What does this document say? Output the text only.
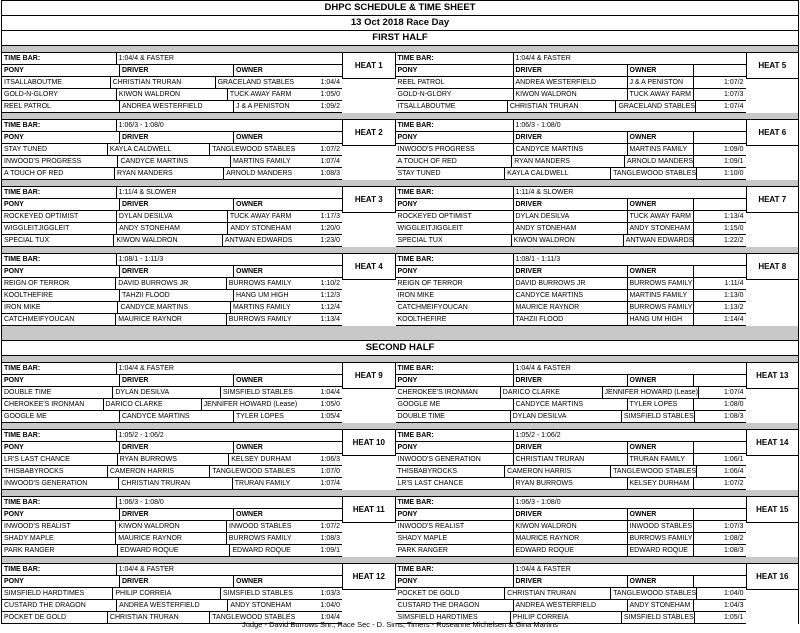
DHPC SCHEDULE & TIME SHEET
13 Oct 2018 Race Day
FIRST HALF
TIME BAR:	1:04/4 & FASTER
PONY	DRIVER	OWNER
ITSALLABOUTME	CHRISTIAN TRURAN	GRACELAND STABLES	1:04/4
GOLD-N-GLORY	KIWON WALDRON	TUCK AWAY FARM	1:05/0
REEL PATROL	ANDREA WESTERFIELD	J & A PENISTON	1:09/2
HEAT 1
TIME BAR:	1:04/4 & FASTER
PONY	DRIVER	OWNER
REEL PATROL	ANDREA WESTERFIELD	J & A PENISTON	1:07/2
GOLD-N-GLORY	KIWON WALDRON	TUCK AWAY FARM	1:07/3
ITSALLABOUTME	CHRISTIAN TRURAN	GRACELAND STABLES	1:07/4
HEAT 5
TIME BAR:	1:06/3 - 1:08/0
PONY	DRIVER	OWNER
STAY TUNED	KAYLA CALDWELL	TANGLEWOOD STABLES	1:07/2
INWOOD'S PROGRESS	CANDYCE MARTINS	MARTINS FAMILY	1:07/4
A TOUCH OF RED	RYAN MANDERS	ARNOLD MANDERS	1:08/3
HEAT 2
TIME BAR:	1:06/3 - 1:08/0
PONY	DRIVER	OWNER
INWOOD'S PROGRESS	CANDYCE MARTINS	MARTINS FAMILY	1:09/0
A TOUCH OF RED	RYAN MANDERS	ARNOLD MANDERS	1:09/1
STAY TUNED	KAYLA CALDWELL	TANGLEWOOD STABLES	1:10/0
HEAT 6
TIME BAR:	1:11/4 & SLOWER
PONY	DRIVER	OWNER
ROCKEYED OPTIMIST	DYLAN DESILVA	TUCK AWAY FARM	1:17/3
WIGGLEITJIGGLEIT	ANDY STONEHAM	ANDY STONEHAM	1:20/0
SPECIAL TUX	KIWON WALDRON	ANTWAN EDWARDS	1:23/0
HEAT 3
TIME BAR:	1:11/4 & SLOWER
PONY	DRIVER	OWNER
ROCKEYED OPTIMIST	DYLAN DESILVA	TUCK AWAY FARM	1:13/4
WIGGLEITJIGGLEIT	ANDY STONEHAM	ANDY STONEHAM	1:15/0
SPECIAL TUX	KIWON WALDRON	ANTWAN EDWARDS	1:22/2
HEAT 7
TIME BAR:	1:08/1 - 1:11/3
PONY	DRIVER	OWNER
REIGN OF TERROR	DAVID BURROWS JR	BURROWS FAMILY	1:10/2
KOOLTHEFIRE	TAHZII FLOOD	HANG UM HIGH	1:12/3
IRON MIKE	CANDYCE MARTINS	MARTINS FAMILY	1:12/4
CATCHMEIFYOUCAN	MAURICE RAYNOR	BURROWS FAMILY	1:13/4
HEAT 4
TIME BAR:	1:08/1 - 1:11/3
PONY	DRIVER	OWNER
REIGN OF TERROR	DAVID BURROWS JR	BURROWS FAMILY	1:11/4
IRON MIKE	CANDYCE MARTINS	MARTINS FAMILY	1:13/0
CATCHMEIFYOUCAN	MAURICE RAYNOR	BURROWS FAMILY	1:13/2
KOOLTHEFIRE	TAHZII FLOOD	HANG UM HIGH	1:14/4
HEAT 8
SECOND HALF
TIME BAR:	1:04/4 & FASTER
PONY	DRIVER	OWNER
DOUBLE TIME	DYLAN DESILVA	SIMSFIELD STABLES	1:04/4
CHEROKEE'S IRONMAN	DARICO CLARKE	JENNIFER HOWARD (Lease)	1:05/0
GOOGLE ME	CANDYCE MARTINS	TYLER LOPES	1:05/4
HEAT 9
TIME BAR:	1:04/4 & FASTER
PONY	DRIVER	OWNER
CHEROKEE'S IRONMAN	DARICO CLARKE	JENNIFER HOWARD (Lease)	1:07/4
GOOGLE ME	CANDYCE MARTINS	TYLER LOPES	1:08/0
DOUBLE TIME	DYLAN DESILVA	SIMSFIELD STABLES	1:08/3
HEAT 13
TIME BAR:	1:05/2 - 1:06/2
PONY	DRIVER	OWNER
LR'S LAST CHANCE	RYAN BURROWS	KELSEY DURHAM	1:06/3
THISBABYROCKS	CAMERON HARRIS	TANGLEWOOD STABLES	1:07/0
INWOOD'S GENERATION	CHRISTIAN TRURAN	TRURAN FAMILY	1:07/4
HEAT 10
TIME BAR:	1:05/2 - 1:06/2
PONY	DRIVER	OWNER
INWOOD'S GENERATION	CHRISTIAN TRURAN	TRURAN FAMILY	1:06/1
THISBABYROCKS	CAMERON HARRIS	TANGLEWOOD STABLES	1:06/4
LR'S LAST CHANCE	RYAN BURROWS	KELSEY DURHAM	1:07/2
HEAT 14
TIME BAR:	1:06/3 - 1:08/0
PONY	DRIVER	OWNER
INWOOD'S REALIST	KIWON WALDRON	INWOOD STABLES	1:07/2
SHADY MAPLE	MAURICE RAYNOR	BURROWS FAMILY	1:08/3
PARK RANGER	EDWARD ROQUE	EDWARD ROQUE	1:09/1
HEAT 11
TIME BAR:	1:06/3 - 1:08/0
PONY	DRIVER	OWNER
INWOOD'S REALIST	KIWON WALDRON	INWOOD STABLES	1:07/3
SHADY MAPLE	MAURICE RAYNOR	BURROWS FAMILY	1:08/2
PARK RANGER	EDWARD ROQUE	EDWARD ROQUE	1:08/3
HEAT 15
TIME BAR:	1:04/4 & FASTER
PONY	DRIVER	OWNER
SIMSFIELD HARDTIMES	PHILIP CORREIA	SIMSFIELD STABLES	1:03/3
CUSTARD THE DRAGON	ANDREA WESTERFIELD	ANDY STONEHAM	1:04/0
POCKET DE GOLD	CHRISTIAN TRURAN	TANGLEWOOD STABLES	1:04/4
HEAT 12
TIME BAR:	1:04/4 & FASTER
PONY	DRIVER	OWNER
POCKET DE GOLD	CHRISTIAN TRURAN	TANGLEWOOD STABLES	1:04/0
CUSTARD THE DRAGON	ANDREA WESTERFIELD	ANDY STONEHAM	1:04/3
SIMSFIELD HARDTIMES	PHILIP CORREIA	SIMSFIELD STABLES	1:05/1
HEAT 16
Judge - David Burrows Snr.; Race Sec - D. Sims; Timers - Roseanne Michelsen & Gina Martins
